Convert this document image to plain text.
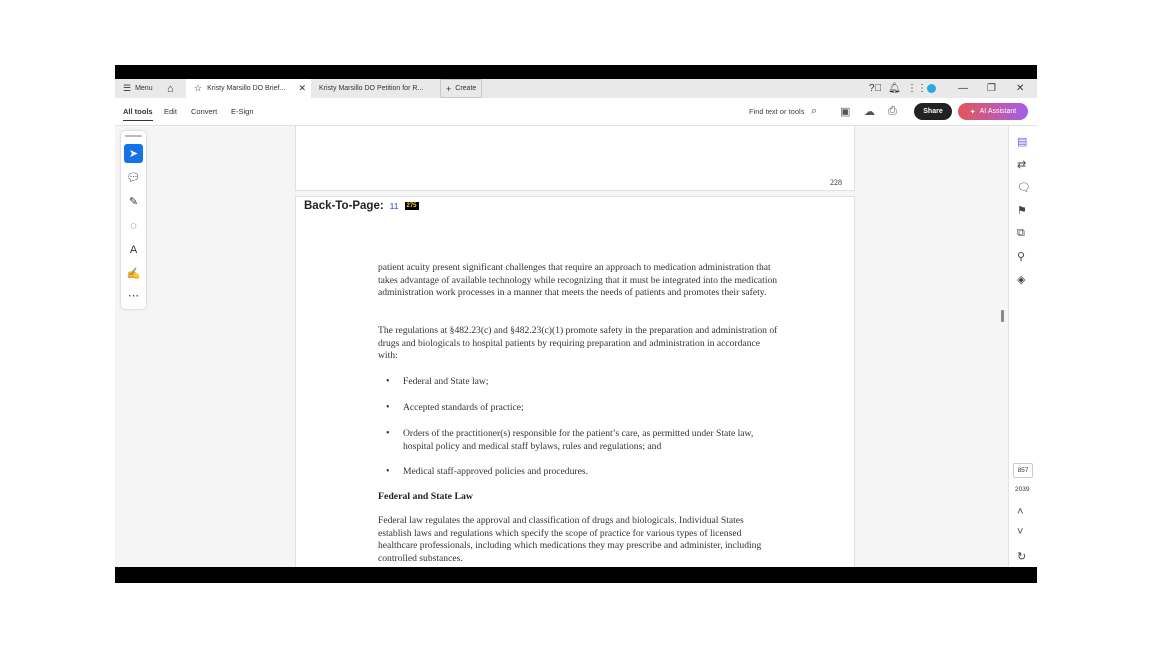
☰ Menu ⌂ ☆ Kristy Marsillo DO Brief... ✕ Kristy Marsillo DO Petition for R...	+ Create	?⃝ 🔔︎ ⋮⋮	— ❐ ✕
All tools Edit Convert E-Sign	Find text or tools ⌕ ▣ ☁ ⎙	Share	✦ AI Assistant
➤
💬︎
✎
◌
A
✍
⋯
228
Back-To-Page: 11	275

patient acuity present significant challenges that require an approach to medication administration that takes advantage of available technology while recognizing that it must be integrated into the medication administration work processes in a manner that meets the needs of patients and promotes their safety.

The regulations at §482.23(c) and §482.23(c)(1) promote safety in the preparation and administration of drugs and biologicals to hospital patients by requiring preparation and administration in accordance with:

• Federal and State law;

• Accepted standards of practice;

• Orders of the practitioner(s) responsible for the patient’s care, as permitted under State law, hospital policy and medical staff bylaws, rules and regulations; and

• Medical staff-approved policies and procedures.

Federal and State Law

Federal law regulates the approval and classification of drugs and biologicals. Individual States establish laws and regulations which specify the scope of practice for various types of licensed healthcare professionals, including which medications they may prescribe and administer, including controlled substances.

▤
⇄
🗨︎
⚑
⧉
⚲
◈
857
2039
˄
˅
↻
